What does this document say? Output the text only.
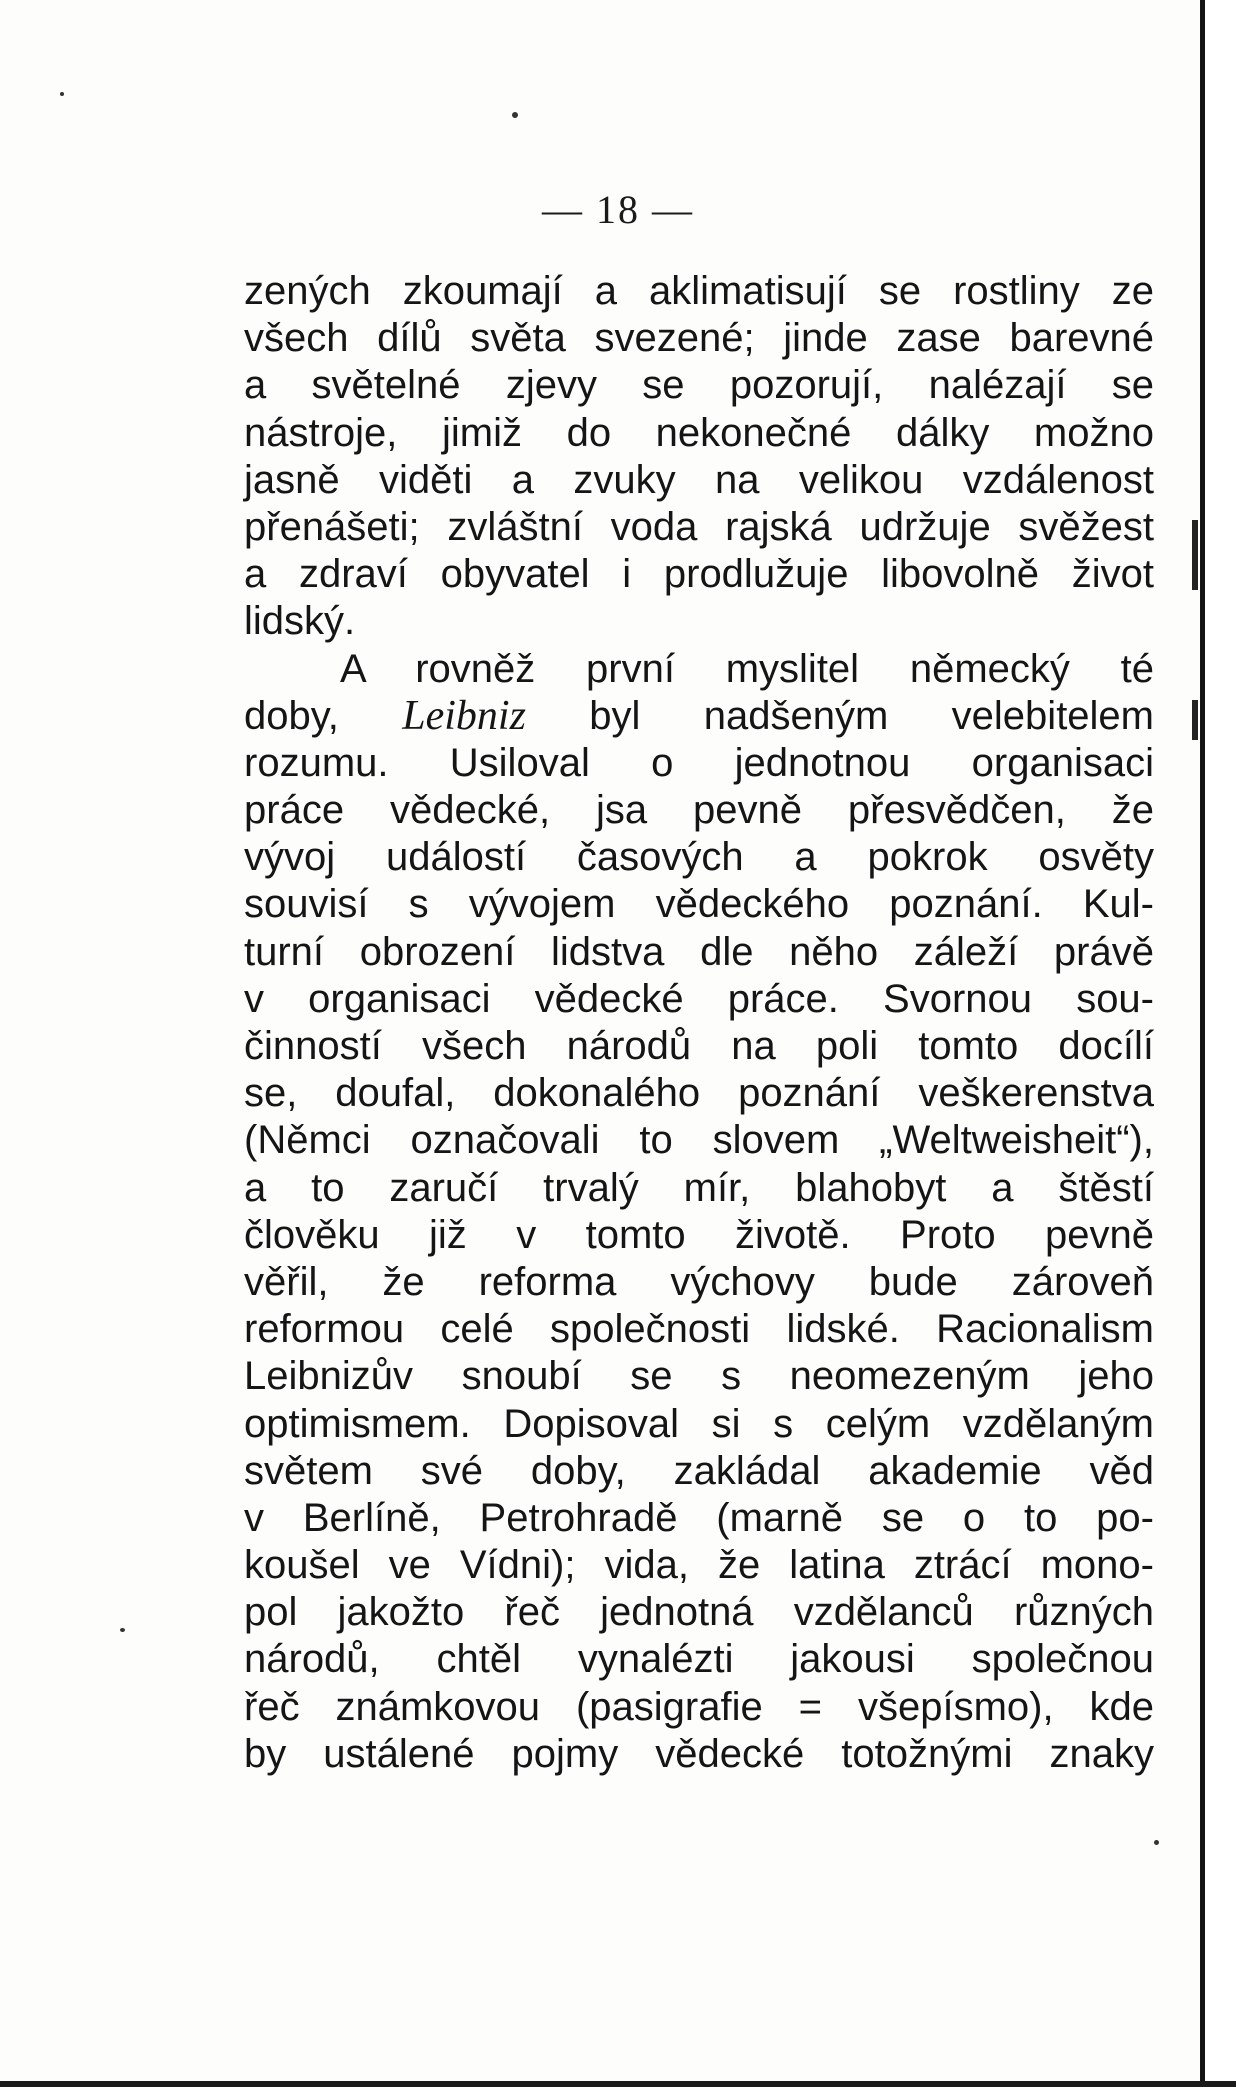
— 18 —
zených zkoumají a aklimatisují se rostliny ze
všech dílů světa svezené; jinde zase barevné
a světelné zjevy se pozorují, nalézají se
nástroje, jimiž do nekonečné dálky možno
jasně viděti a zvuky na velikou vzdálenost
přenášeti; zvláštní voda rajská udržuje svěžest
a zdraví obyvatel i prodlužuje libovolně život
lidský.
A rovněž první myslitel německý té
doby, Leibniz byl nadšeným velebitelem
rozumu. Usiloval o jednotnou organisaci
práce vědecké, jsa pevně přesvědčen, že
vývoj událostí časových a pokrok osvěty
souvisí s vývojem vědeckého poznání. Kul-
turní obrození lidstva dle něho záleží právě
v organisaci vědecké práce. Svornou sou-
činností všech národů na poli tomto docílí
se, doufal, dokonalého poznání veškerenstva
(Němci označovali to slovem „Weltweisheit“),
a to zaručí trvalý mír, blahobyt a štěstí
člověku již v tomto životě. Proto pevně
věřil, že reforma výchovy bude zároveň
reformou celé společnosti lidské. Racionalism
Leibnizův snoubí se s neomezeným jeho
optimismem. Dopisoval si s celým vzdělaným
světem své doby, zakládal akademie věd
v Berlíně, Petrohradě (marně se o to po-
koušel ve Vídni); vida, že latina ztrácí mono-
pol jakožto řeč jednotná vzdělanců různých
národů, chtěl vynalézti jakousi společnou
řeč známkovou (pasigrafie = všepísmo), kde
by ustálené pojmy vědecké totožnými znaky
